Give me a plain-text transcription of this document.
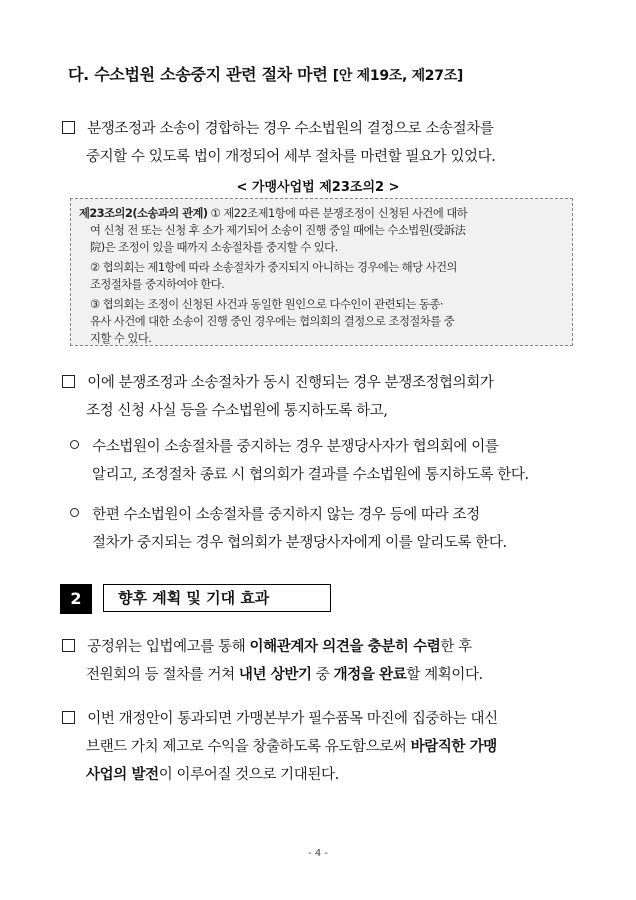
다. 수소법원 소송중지 관련 절차 마련 [안 제19조, 제27조]
분쟁조정과 소송이 경합하는 경우 수소법원의 결정으로 소송절차를
중지할 수 있도록 법이 개정되어 세부 절차를 마련할 필요가 있었다.
< 가맹사업법 제23조의2 >
제23조의2(소송과의 관계) ① 제22조제1항에 따른 분쟁조정이 신청된 사건에 대하
여 신청 전 또는 신청 후 소가 제기되어 소송이 진행 중일 때에는 수소법원(受訴法
院)은 조정이 있을 때까지 소송절차를 중지할 수 있다.
② 협의회는 제1항에 따라 소송절차가 중지되지 아니하는 경우에는 해당 사건의
조정절차를 중지하여야 한다.
③ 협의회는 조정이 신청된 사건과 동일한 원인으로 다수인이 관련되는 동종·
유사 사건에 대한 소송이 진행 중인 경우에는 협의회의 결정으로 조정절차를 중
지할 수 있다.
이에 분쟁조정과 소송절차가 동시 진행되는 경우 분쟁조정협의회가
조정 신청 사실 등을 수소법원에 통지하도록 하고,
수소법원이 소송절차를 중지하는 경우 분쟁당사자가 협의회에 이를
알리고, 조정절차 종료 시 협의회가 결과를 수소법원에 통지하도록 한다.
한편 수소법원이 소송절차를 중지하지 않는 경우 등에 따라 조정
절차가 중지되는 경우 협의회가 분쟁당사자에게 이를 알리도록 한다.
2	향후 계획 및 기대 효과
공정위는 입법예고를 통해 이해관계자 의견을 충분히 수렴한 후
전원회의 등 절차를 거쳐 내년 상반기 중 개정을 완료할 계획이다.
이번 개정안이 통과되면 가맹본부가 필수품목 마진에 집중하는 대신
브랜드 가치 제고로 수익을 창출하도록 유도함으로써 바람직한 가맹
사업의 발전이 이루어질 것으로 기대된다.
- 4 -
